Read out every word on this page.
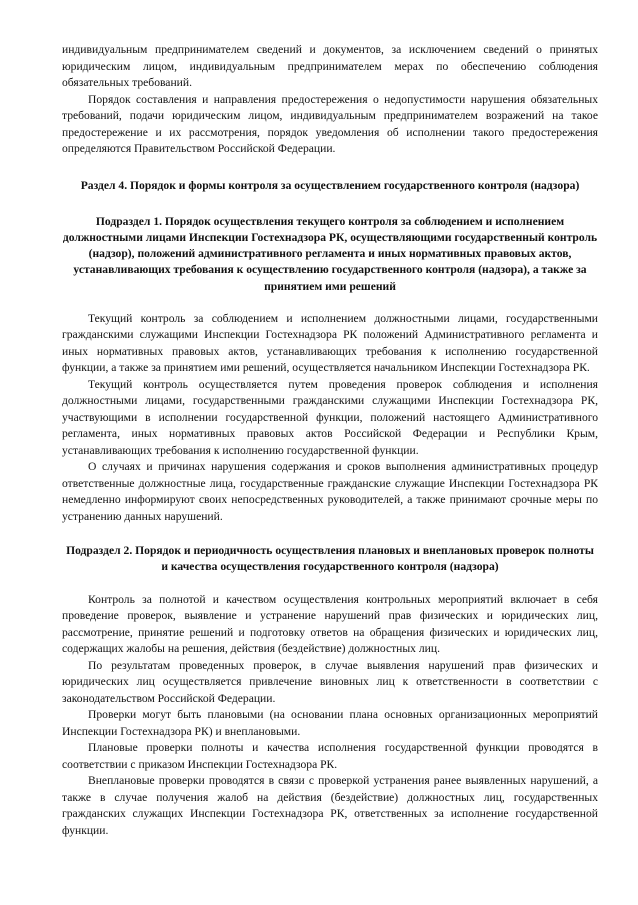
индивидуальным предпринимателем сведений и документов, за исключением сведений о принятых юридическим лицом, индивидуальным предпринимателем мерах по обеспечению соблюдения обязательных требований.

Порядок составления и направления предостережения о недопустимости нарушения обязательных требований, подачи юридическим лицом, индивидуальным предпринимателем возражений на такое предостережение и их рассмотрения, порядок уведомления об исполнении такого предостережения определяются Правительством Российской Федерации.

Раздел 4. Порядок и формы контроля за осуществлением государственного контроля (надзора)
Подраздел 1. Порядок осуществления текущего контроля за соблюдением и исполнением должностными лицами Инспекции Гостехнадзора РК, осуществляющими государственный контроль (надзор), положений административного регламента и иных нормативных правовых актов, устанавливающих требования к осуществлению государственного контроля (надзора), а также за принятием ими решений

Текущий контроль за соблюдением и исполнением должностными лицами, государственными гражданскими служащими Инспекции Гостехнадзора РК положений Административного регламента и иных нормативных правовых актов, устанавливающих требования к исполнению государственной функции, а также за принятием ими решений, осуществляется начальником Инспекции Гостехнадзора РК.

Текущий контроль осуществляется путем проведения проверок соблюдения и исполнения должностными лицами, государственными гражданскими служащими Инспекции Гостехнадзора РК, участвующими в исполнении государственной функции, положений настоящего Административного регламента, иных нормативных правовых актов Российской Федерации и Республики Крым, устанавливающих требования к исполнению государственной функции.

О случаях и причинах нарушения содержания и сроков выполнения административных процедур ответственные должностные лица, государственные гражданские служащие Инспекции Гостехнадзора РК немедленно информируют своих непосредственных руководителей, а также принимают срочные меры по устранению данных нарушений.

Подраздел 2. Порядок и периодичность осуществления плановых и внеплановых проверок полноты и качества осуществления государственного контроля (надзора)

Контроль за полнотой и качеством осуществления контрольных мероприятий включает в себя проведение проверок, выявление и устранение нарушений прав физических и юридических лиц, рассмотрение, принятие решений и подготовку ответов на обращения физических и юридических лиц, содержащих жалобы на решения, действия (бездействие) должностных лиц.

По результатам проведенных проверок, в случае выявления нарушений прав физических и юридических лиц осуществляется привлечение виновных лиц к ответственности в соответствии с законодательством Российской Федерации.

Проверки могут быть плановыми (на основании плана основных организационных мероприятий Инспекции Гостехнадзора РК) и внеплановыми.

Плановые проверки полноты и качества исполнения государственной функции проводятся в соответствии с приказом Инспекции Гостехнадзора РК.

Внеплановые проверки проводятся в связи с проверкой устранения ранее выявленных нарушений, а также в случае получения жалоб на действия (бездействие) должностных лиц, государственных гражданских служащих Инспекции Гостехнадзора РК, ответственных за исполнение государственной функции.
